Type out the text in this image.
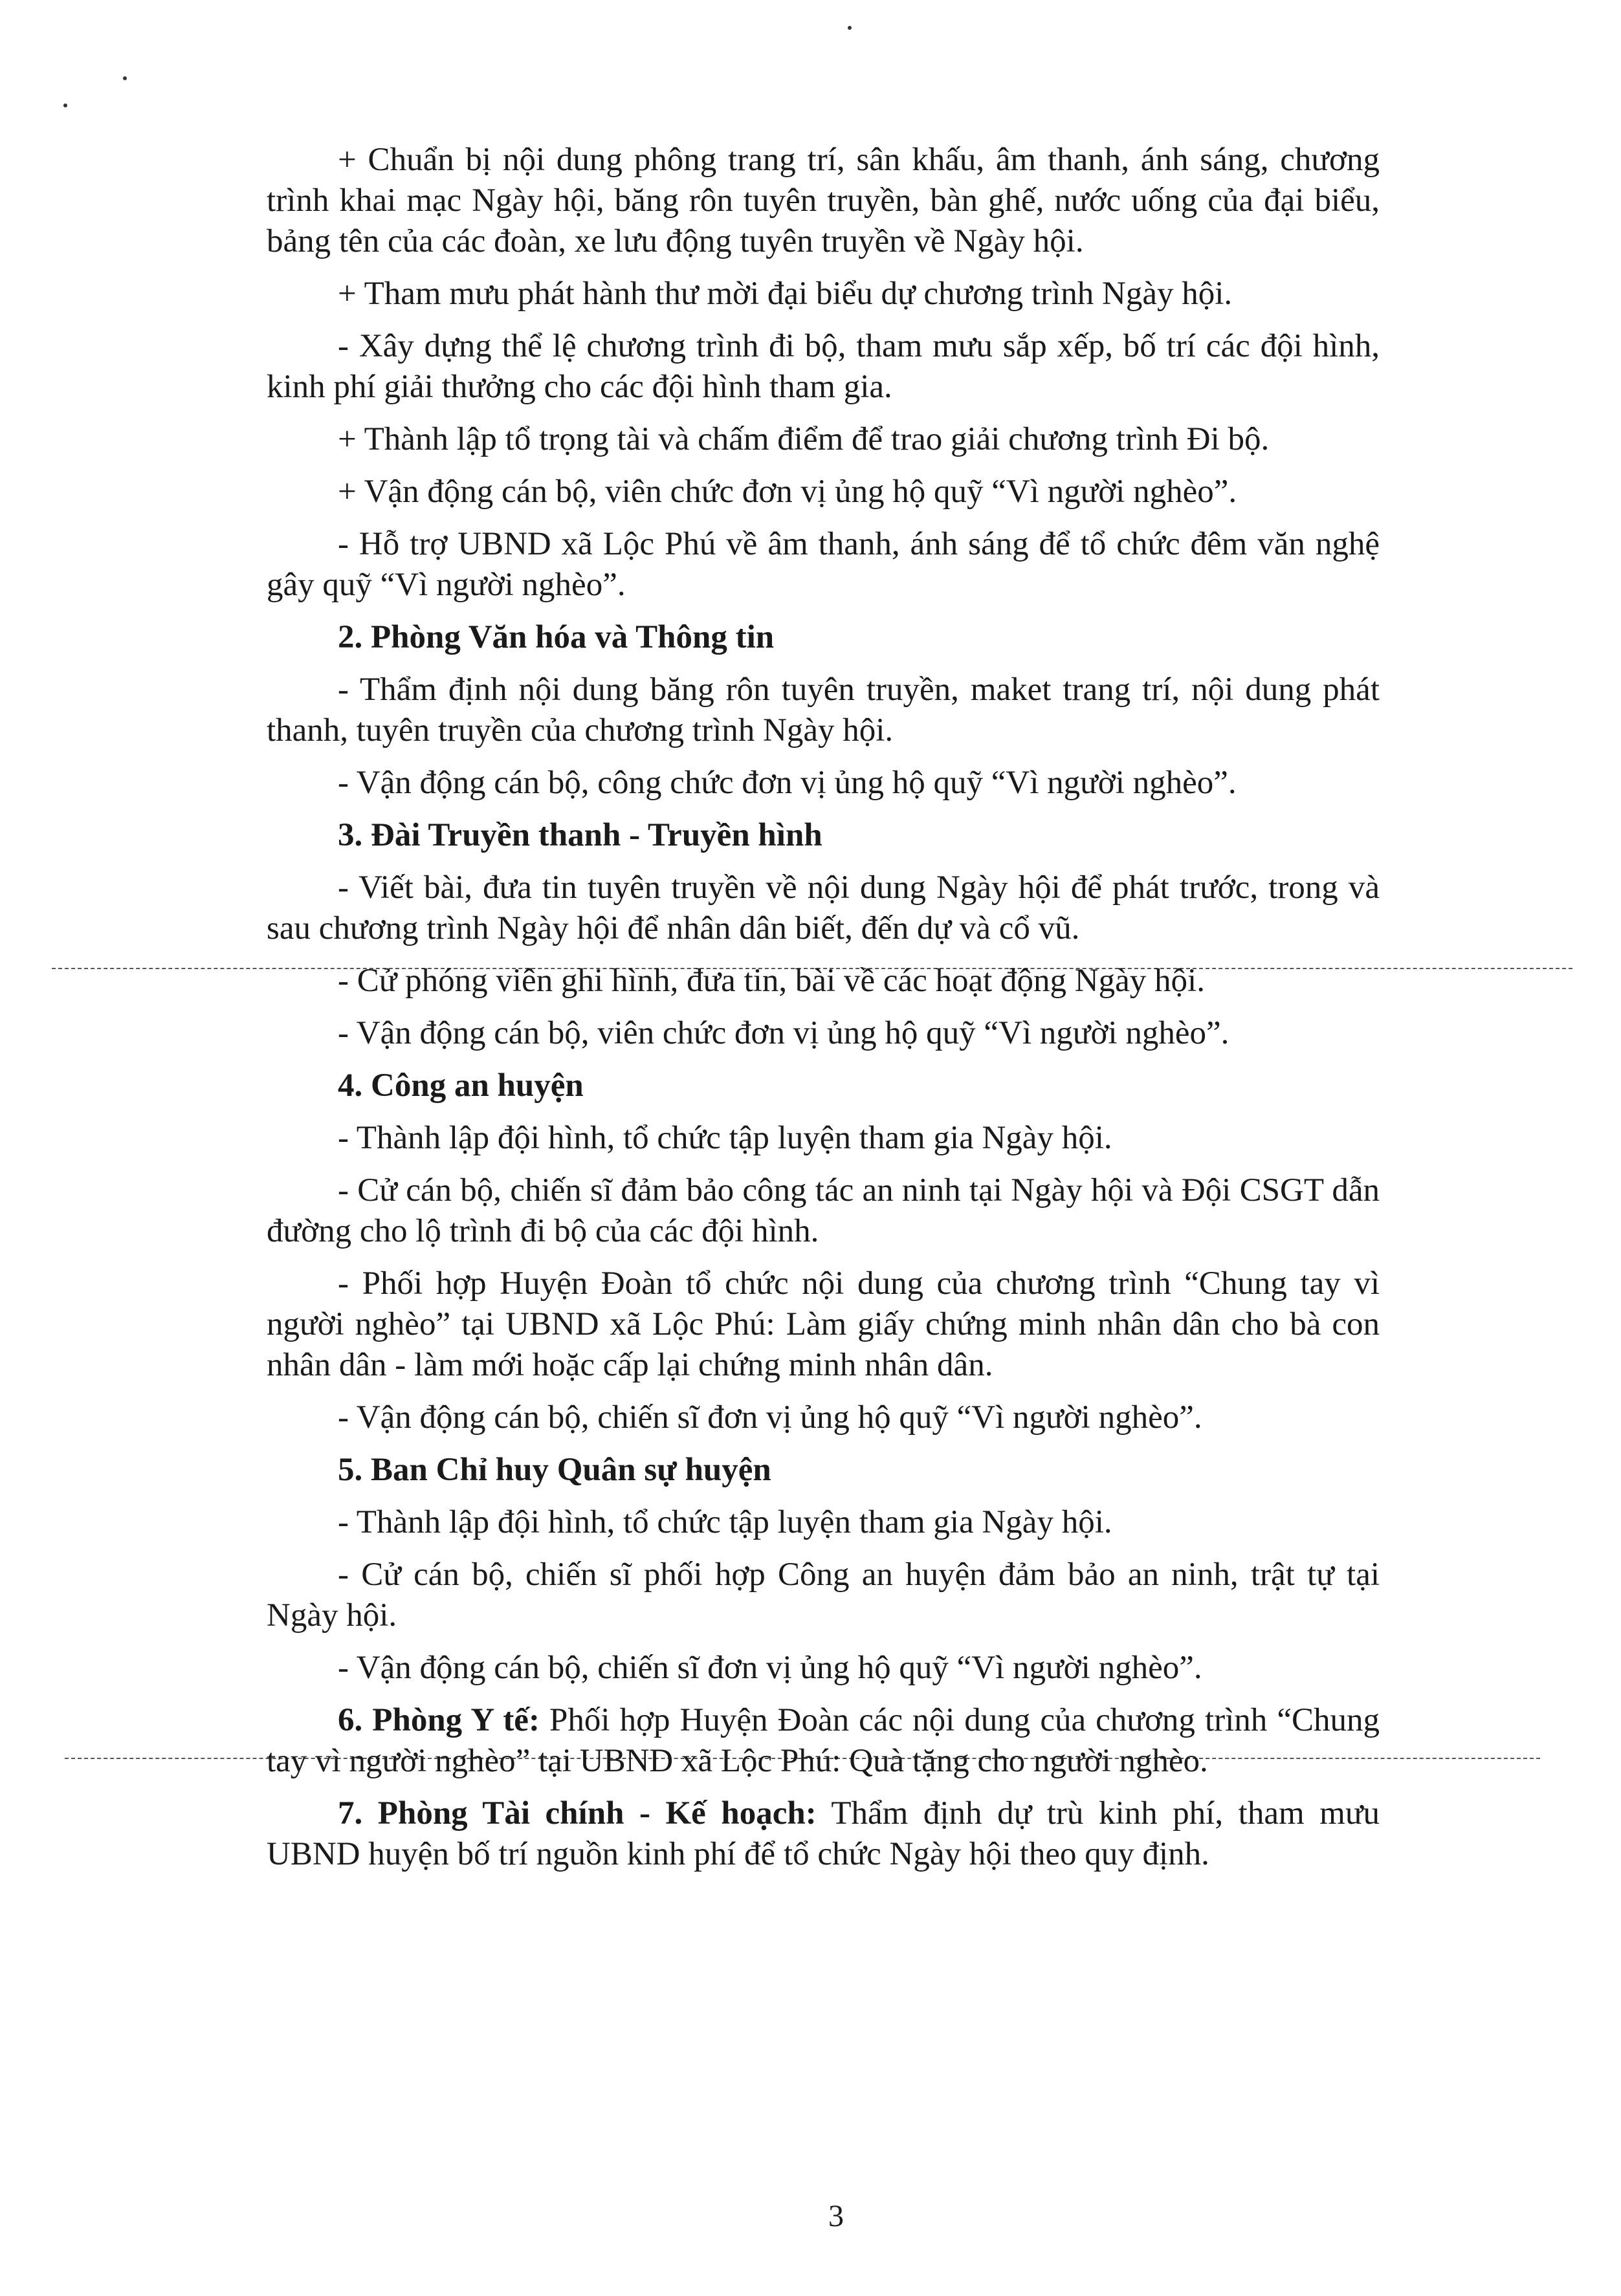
+ Chuẩn bị nội dung phông trang trí, sân khấu, âm thanh, ánh sáng, chương trình khai mạc Ngày hội, băng rôn tuyên truyền, bàn ghế, nước uống của đại biểu, bảng tên của các đoàn, xe lưu động tuyên truyền về Ngày hội.

+ Tham mưu phát hành thư mời đại biểu dự chương trình Ngày hội.

- Xây dựng thể lệ chương trình đi bộ, tham mưu sắp xếp, bố trí các đội hình, kinh phí giải thưởng cho các đội hình tham gia.

+ Thành lập tổ trọng tài và chấm điểm để trao giải chương trình Đi bộ.

+ Vận động cán bộ, viên chức đơn vị ủng hộ quỹ “Vì người nghèo”.

- Hỗ trợ UBND xã Lộc Phú về âm thanh, ánh sáng để tổ chức đêm văn nghệ gây quỹ “Vì người nghèo”.

2. Phòng Văn hóa và Thông tin

- Thẩm định nội dung băng rôn tuyên truyền, maket trang trí, nội dung phát thanh, tuyên truyền của chương trình Ngày hội.

- Vận động cán bộ, công chức đơn vị ủng hộ quỹ “Vì người nghèo”.

3. Đài Truyền thanh - Truyền hình

- Viết bài, đưa tin tuyên truyền về nội dung Ngày hội để phát trước, trong và sau chương trình Ngày hội để nhân dân biết, đến dự và cổ vũ.

- Cử phóng viên ghi hình, đưa tin, bài về các hoạt động Ngày hội.

- Vận động cán bộ, viên chức đơn vị ủng hộ quỹ “Vì người nghèo”.

4. Công an huyện

- Thành lập đội hình, tổ chức tập luyện tham gia Ngày hội.

- Cử cán bộ, chiến sĩ đảm bảo công tác an ninh tại Ngày hội và Đội CSGT dẫn đường cho lộ trình đi bộ của các đội hình.

- Phối hợp Huyện Đoàn tổ chức nội dung của chương trình “Chung tay vì người nghèo” tại UBND xã Lộc Phú: Làm giấy chứng minh nhân dân cho bà con nhân dân - làm mới hoặc cấp lại chứng minh nhân dân.

- Vận động cán bộ, chiến sĩ đơn vị ủng hộ quỹ “Vì người nghèo”.

5. Ban Chỉ huy Quân sự huyện

- Thành lập đội hình, tổ chức tập luyện tham gia Ngày hội.

- Cử cán bộ, chiến sĩ phối hợp Công an huyện đảm bảo an ninh, trật tự tại Ngày hội.

- Vận động cán bộ, chiến sĩ đơn vị ủng hộ quỹ “Vì người nghèo”.

6. Phòng Y tế: Phối hợp Huyện Đoàn các nội dung của chương trình “Chung tay vì người nghèo” tại UBND xã Lộc Phú: Quà tặng cho người nghèo.

7. Phòng Tài chính - Kế hoạch: Thẩm định dự trù kinh phí, tham mưu UBND huyện bố trí nguồn kinh phí để tổ chức Ngày hội theo quy định.

3
